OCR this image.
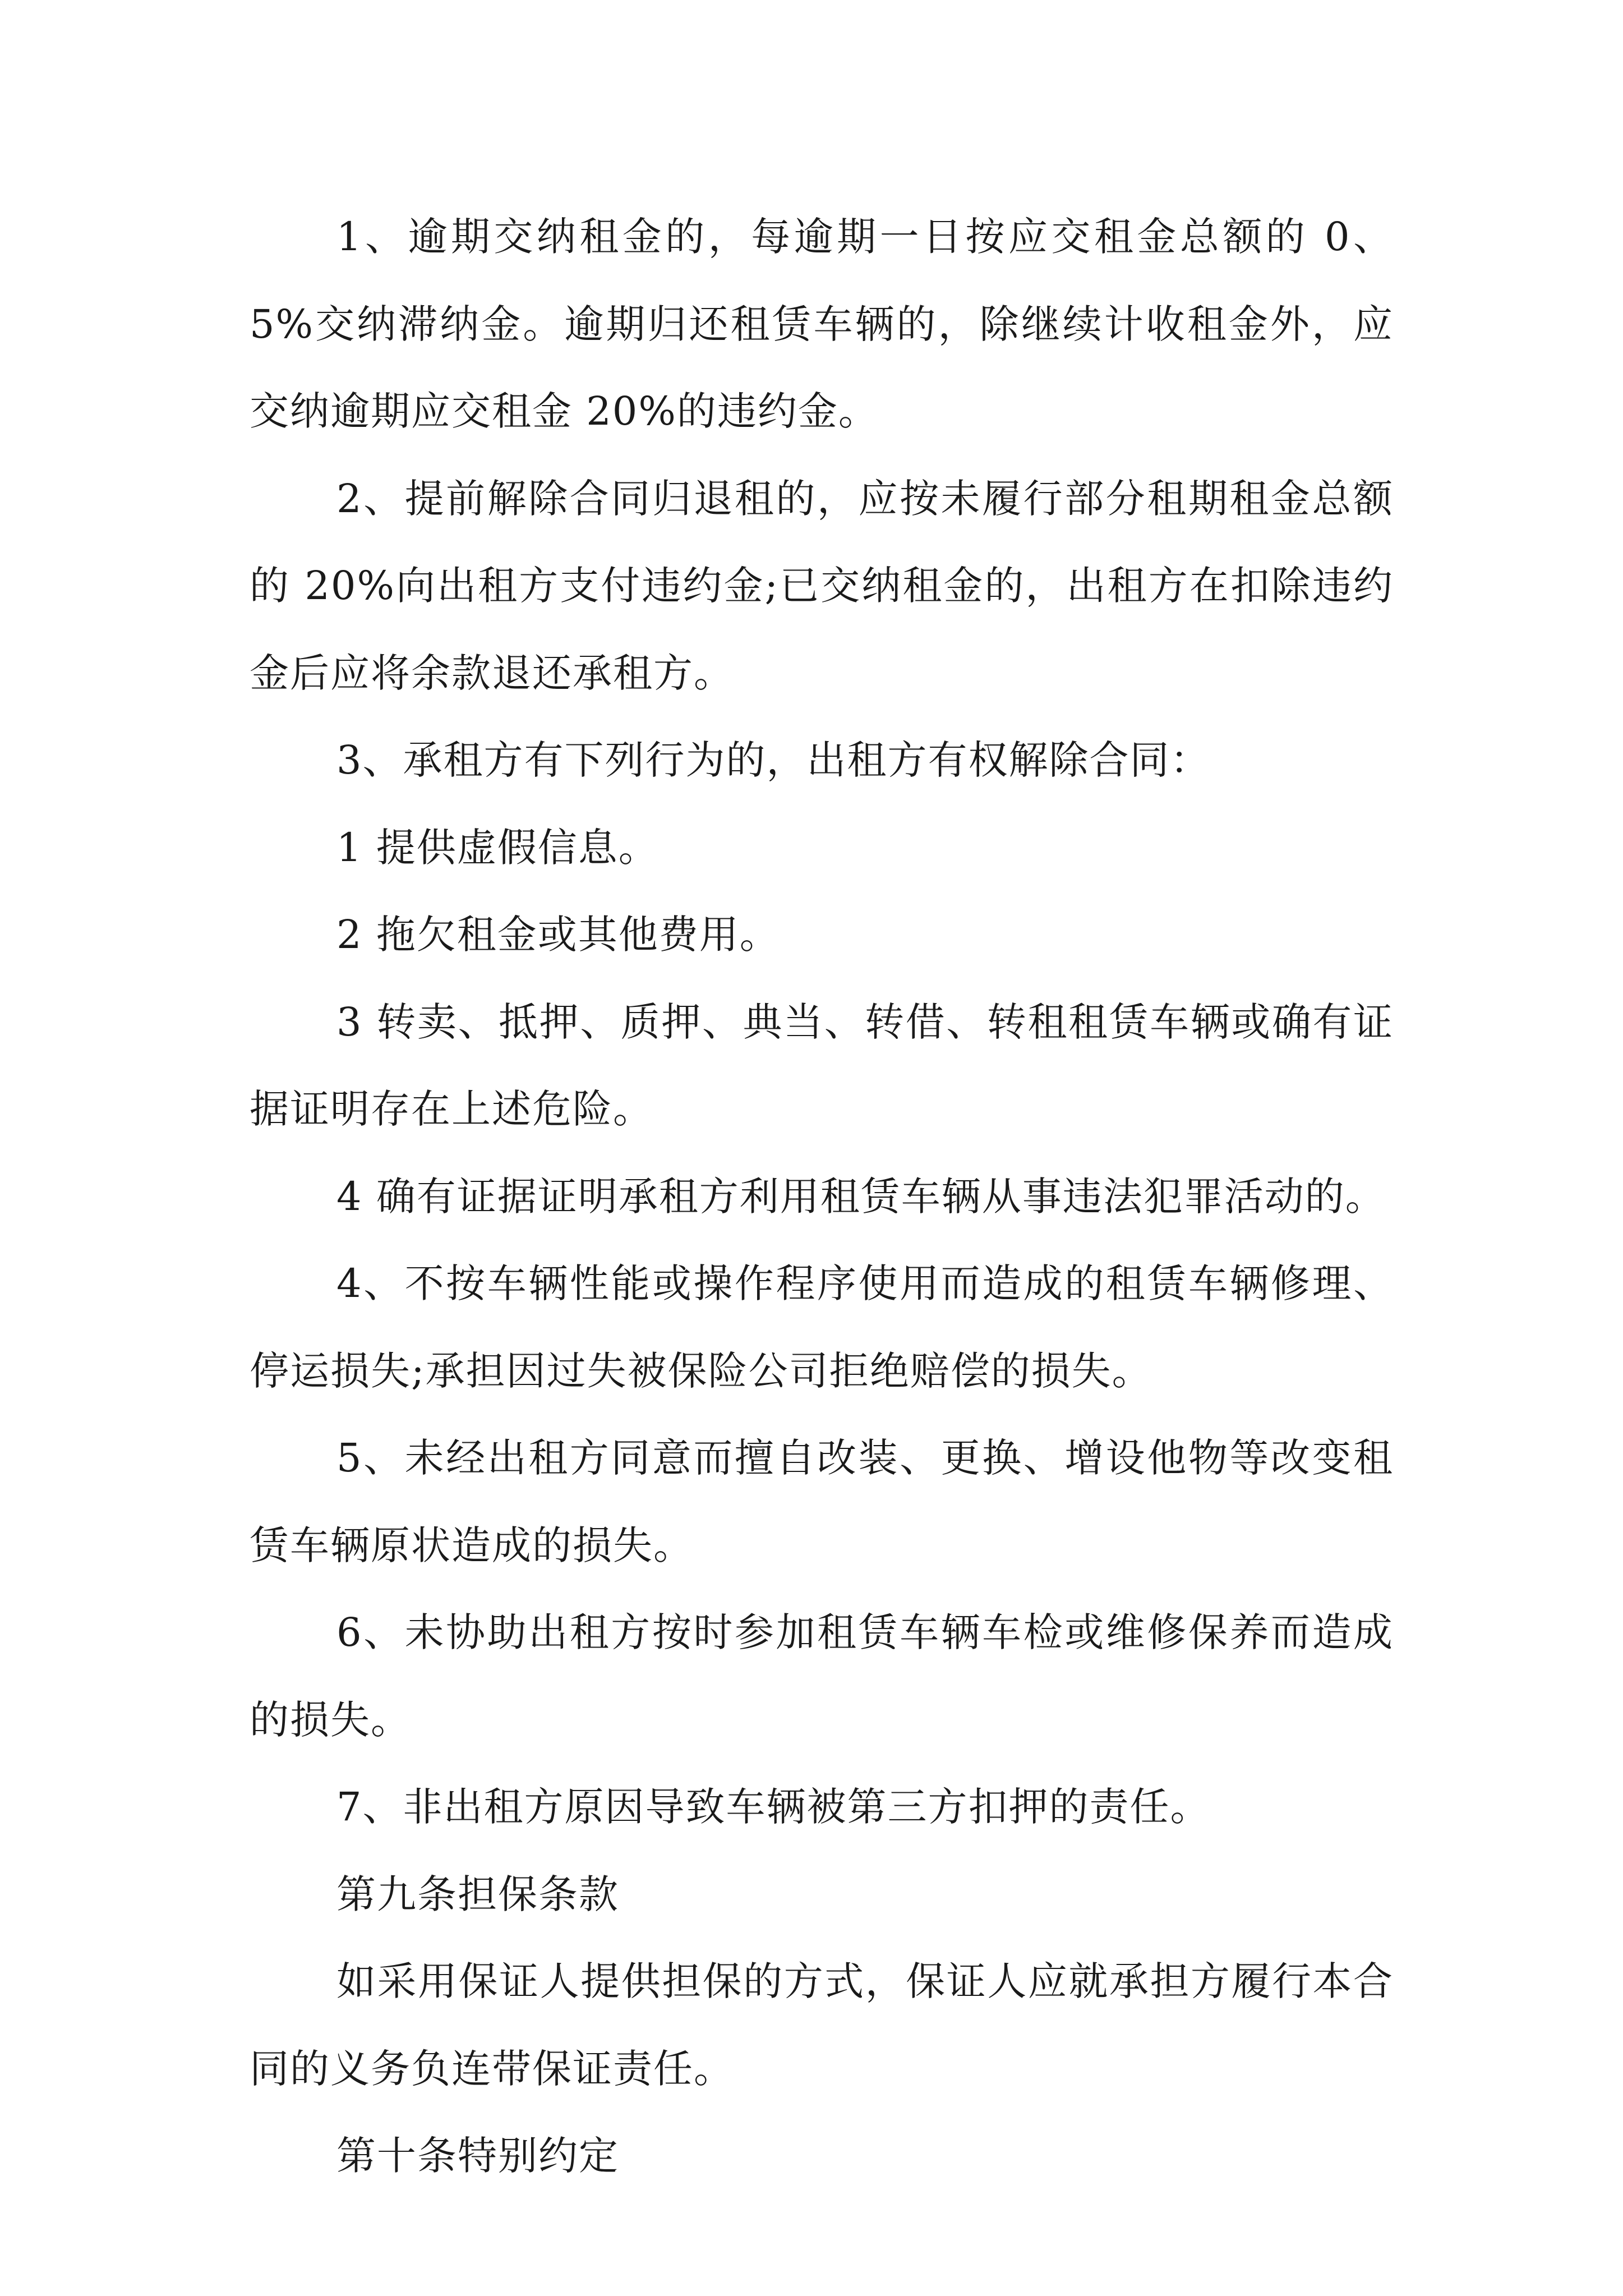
1、逾期交纳租金的，每逾期一日按应交租金总额的 0、5%交纳滞纳金。逾期归还租赁车辆的，除继续计收租金外，应交纳逾期应交租金 20%的违约金。

2、提前解除合同归退租的，应按未履行部分租期租金总额的 20%向出租方支付违约金;已交纳租金的，出租方在扣除违约金后应将余款退还承租方。

3、承租方有下列行为的，出租方有权解除合同：

1 提供虚假信息。

2 拖欠租金或其他费用。

3 转卖、抵押、质押、典当、转借、转租租赁车辆或确有证据证明存在上述危险。

4 确有证据证明承租方利用租赁车辆从事违法犯罪活动的。

4、不按车辆性能或操作程序使用而造成的租赁车辆修理、停运损失;承担因过失被保险公司拒绝赔偿的损失。

5、未经出租方同意而擅自改装、更换、增设他物等改变租赁车辆原状造成的损失。

6、未协助出租方按时参加租赁车辆车检或维修保养而造成的损失。

7、非出租方原因导致车辆被第三方扣押的责任。

第九条担保条款

如采用保证人提供担保的方式，保证人应就承担方履行本合同的义务负连带保证责任。

第十条特别约定
